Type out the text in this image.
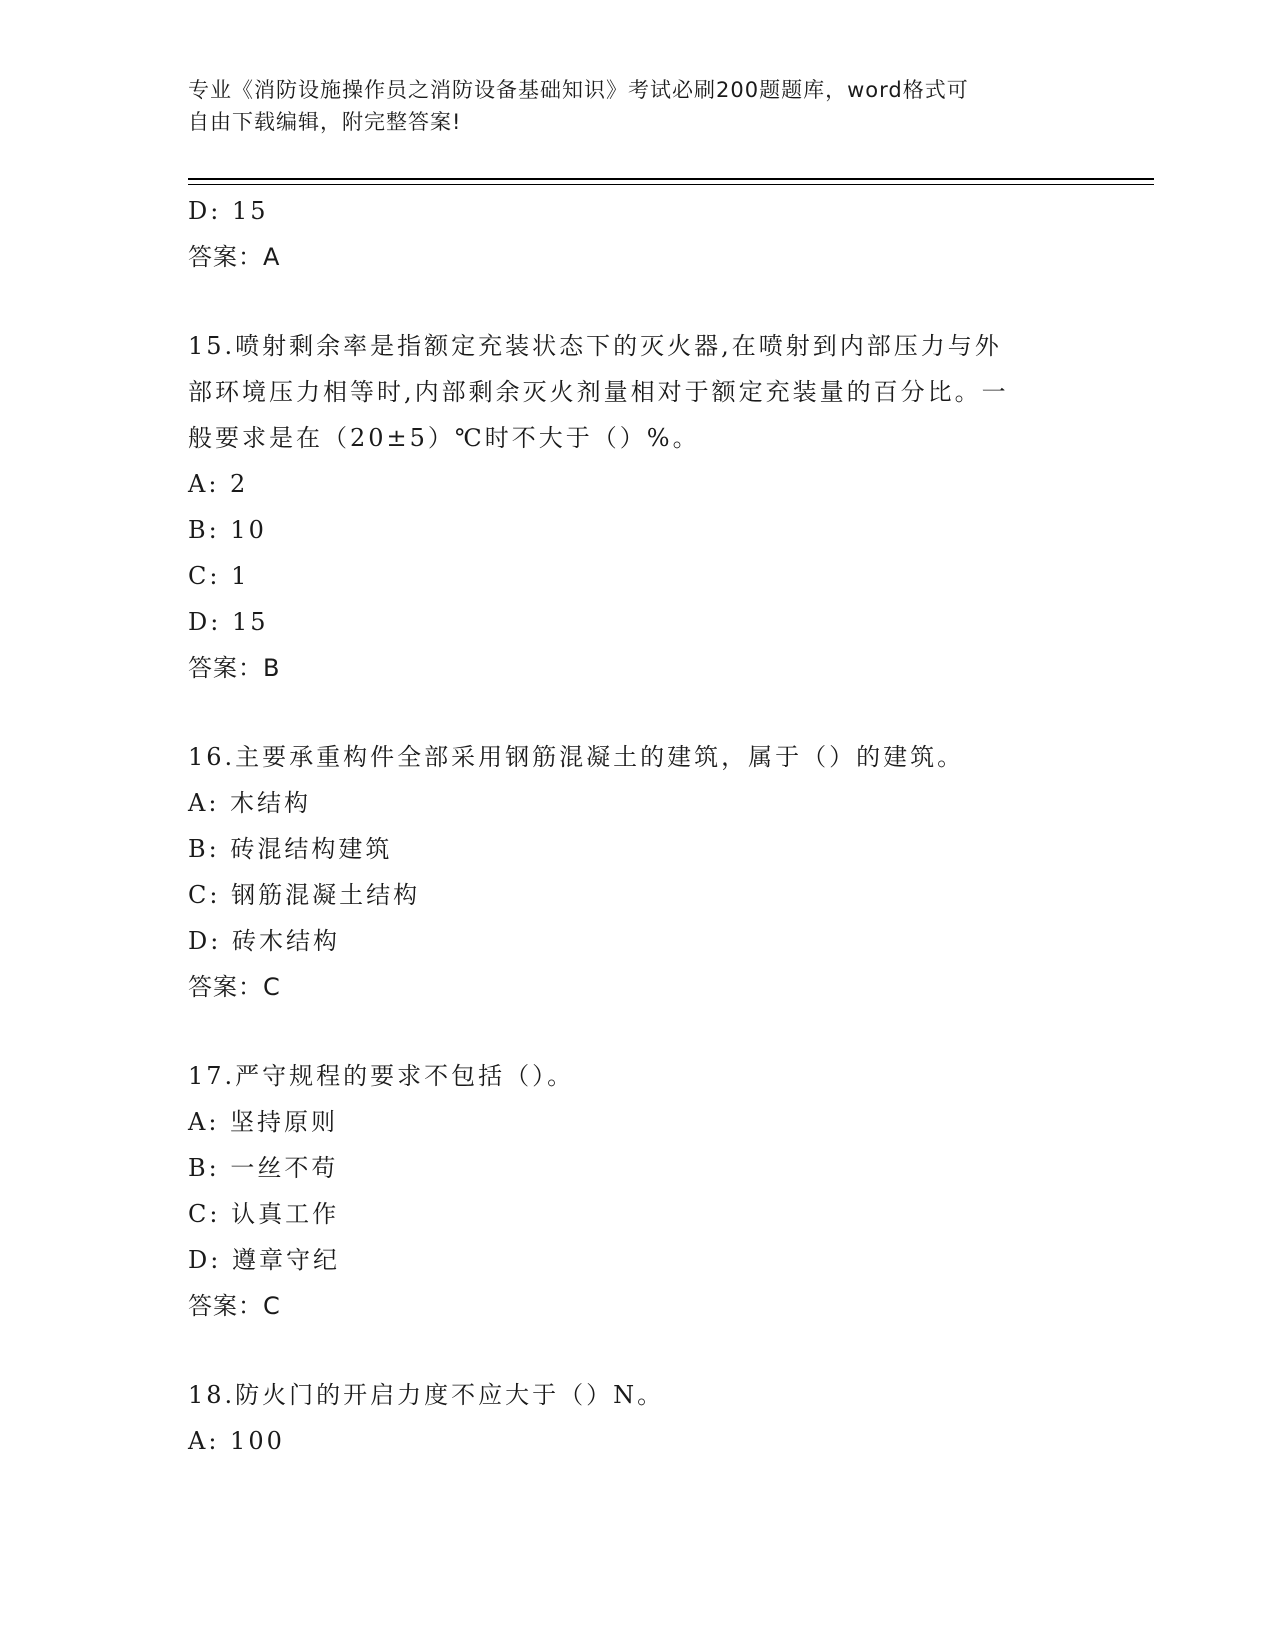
专业《消防设施操作员之消防设备基础知识》考试必刷200题题库，word格式可
自由下载编辑，附完整答案!
D: 15
答案：A
15.喷射剩余率是指额定充装状态下的灭火器,在喷射到内部压力与外
部环境压力相等时,内部剩余灭火剂量相对于额定充装量的百分比。一
般要求是在（20±5）℃时不大于（）%。
A: 2
B: 10
C: 1
D: 15
答案：B
16.主要承重构件全部采用钢筋混凝土的建筑，属于（）的建筑。
A: 木结构
B: 砖混结构建筑
C: 钢筋混凝土结构
D: 砖木结构
答案：C
17.严守规程的要求不包括（）。
A: 坚持原则
B: 一丝不苟
C: 认真工作
D: 遵章守纪
答案：C
18.防火门的开启力度不应大于（）N。
A: 100
